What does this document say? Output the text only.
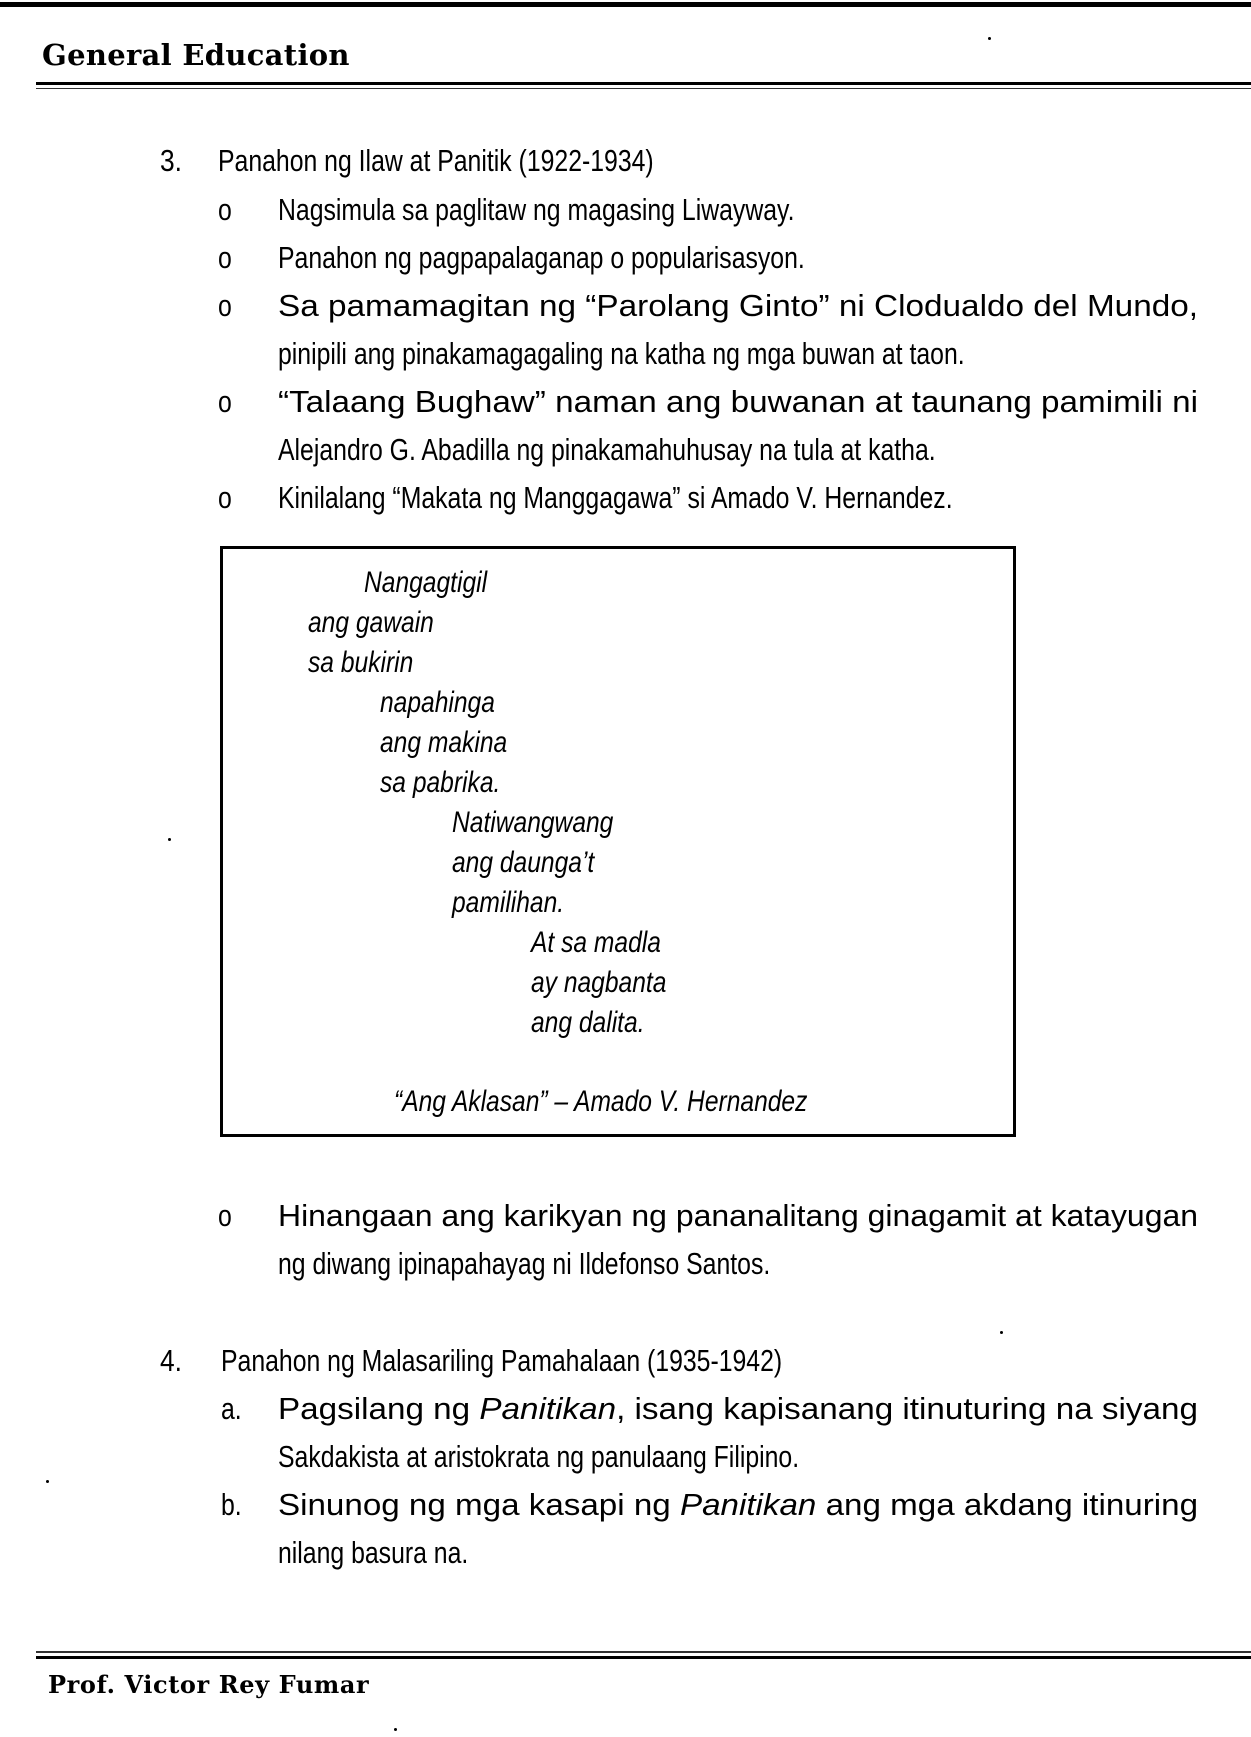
General Education
3. Panahon ng Ilaw at Panitik (1922-1934)
o Nagsimula sa paglitaw ng magasing Liwayway.
o Panahon ng pagpapalaganap o popularisasyon.
o Sa pamamagitan ng “Parolang Ginto” ni Clodualdo del Mundo,
pinipili ang pinakamagagaling na katha ng mga buwan at taon.
o “Talaang Bughaw” naman ang buwanan at taunang pamimili ni
Alejandro G. Abadilla ng pinakamahuhusay na tula at katha.
o Kinilalang “Makata ng Manggagawa” si Amado V. Hernandez.
Nangagtigil
ang gawain
sa bukirin
napahinga
ang makina
sa pabrika.
Natiwangwang
ang daunga’t
pamilihan.
At sa madla
ay nagbanta
ang dalita.
“Ang Aklasan” – Amado V. Hernandez
o Hinangaan ang karikyan ng pananalitang ginagamit at katayugan
ng diwang ipinapahayag ni Ildefonso Santos.
4. Panahon ng Malasariling Pamahalaan (1935-1942)
a. Pagsilang ng Panitikan, isang kapisanang itinuturing na siyang
Sakdakista at aristokrata ng panulaang Filipino.
b. Sinunog ng mga kasapi ng Panitikan ang mga akdang itinuring
nilang basura na.
Prof. Victor Rey Fumar
